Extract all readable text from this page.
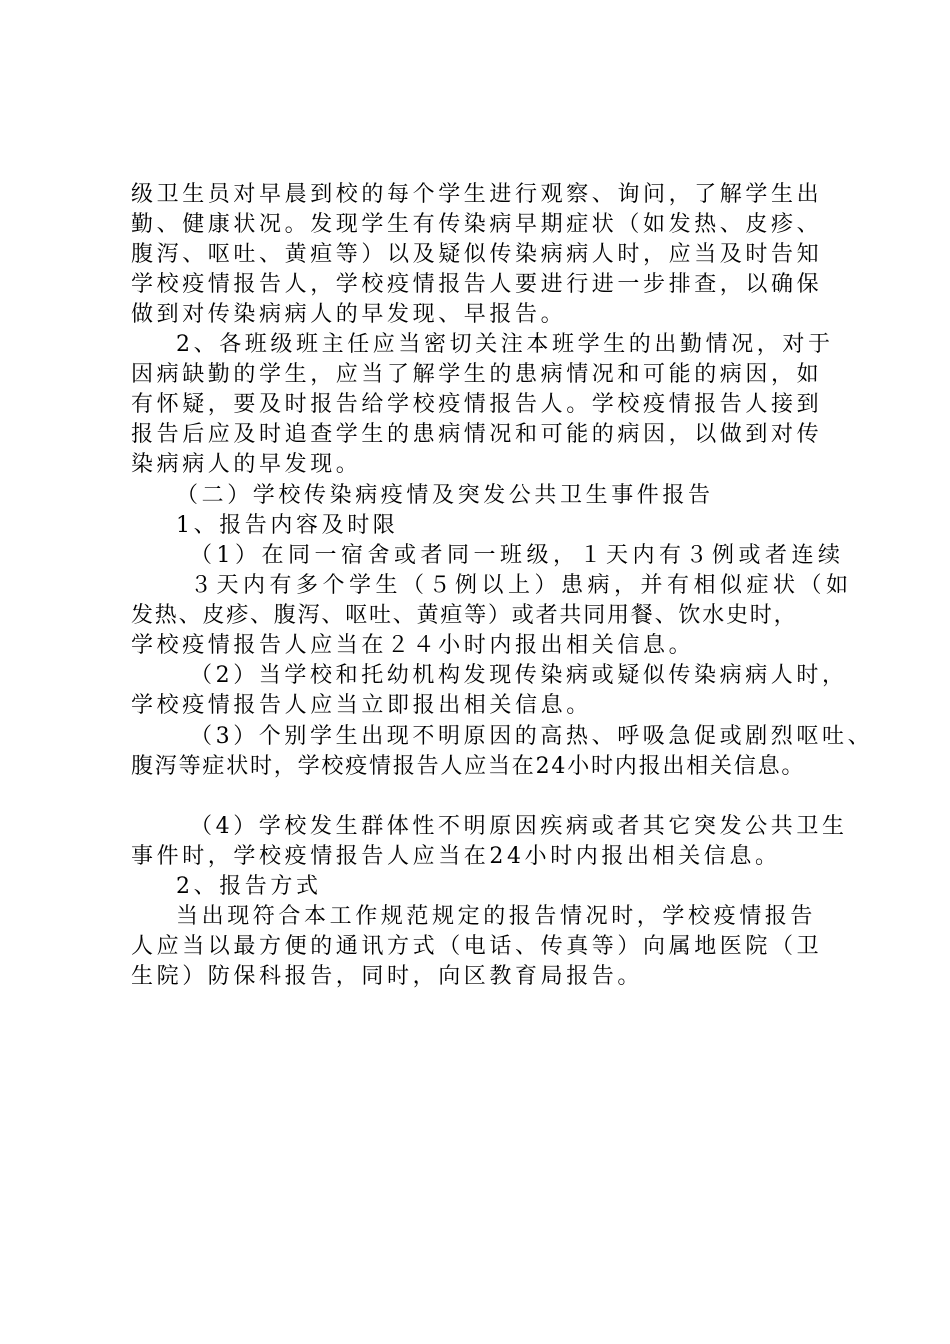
级卫生员对早晨到校的每个学生进行观察、询问，了解学生出
勤、健康状况。发现学生有传染病早期症状（如发热、皮疹、
腹泻、呕吐、黄疸等）以及疑似传染病病人时，应当及时告知
学校疫情报告人，学校疫情报告人要进行进一步排查，以确保
做到对传染病病人的早发现、早报告。
2、各班级班主任应当密切关注本班学生的出勤情况，对于
因病缺勤的学生，应当了解学生的患病情况和可能的病因，如
有怀疑，要及时报告给学校疫情报告人。学校疫情报告人接到
报告后应及时追查学生的患病情况和可能的病因，以做到对传
染病病人的早发现。
（二）学校传染病疫情及突发公共卫生事件报告
1、报告内容及时限
（1）在同一宿舍或者同一班级，１天内有３例或者连续
３天内有多个学生（５例以上）患病，并有相似症状（如
发热、皮疹、腹泻、呕吐、黄疸等）或者共同用餐、饮水史时，
学校疫情报告人应当在２４小时内报出相关信息。
（2）当学校和托幼机构发现传染病或疑似传染病病人时，
学校疫情报告人应当立即报出相关信息。
（3）个别学生出现不明原因的高热、呼吸急促或剧烈呕吐、
腹泻等症状时，学校疫情报告人应当在24小时内报出相关信息。
（4）学校发生群体性不明原因疾病或者其它突发公共卫生
事件时，学校疫情报告人应当在24小时内报出相关信息。
2、报告方式
当出现符合本工作规范规定的报告情况时，学校疫情报告
人应当以最方便的通讯方式（电话、传真等）向属地医院（卫
生院）防保科报告，同时，向区教育局报告。
